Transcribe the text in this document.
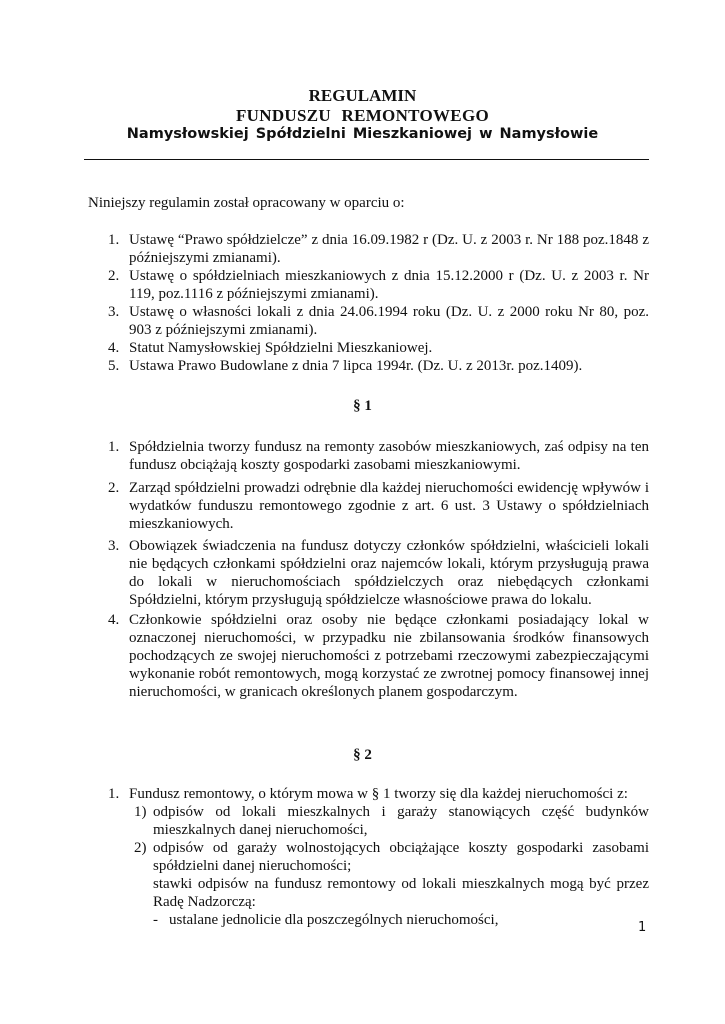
REGULAMIN
FUNDUSZU REMONTOWEGO
Namysłowskiej Spółdzielni Mieszkaniowej w Namysłowie
Niniejszy regulamin został opracowany w oparciu o:
1. Ustawę “Prawo spółdzielcze” z dnia 16.09.1982 r (Dz. U. z 2003 r. Nr 188 poz.1848 z późniejszymi zmianami).
2. Ustawę o spółdzielniach mieszkaniowych z dnia 15.12.2000 r (Dz. U. z 2003 r. Nr 119, poz.1116 z późniejszymi zmianami).
3. Ustawę o własności lokali z dnia 24.06.1994 roku (Dz. U. z 2000 roku Nr 80, poz. 903 z późniejszymi zmianami).
4. Statut Namysłowskiej Spółdzielni Mieszkaniowej.
5. Ustawa Prawo Budowlane z dnia 7 lipca 1994r. (Dz. U. z 2013r. poz.1409).
§ 1
1. Spółdzielnia tworzy fundusz na remonty zasobów mieszkaniowych, zaś odpisy na ten fundusz obciążają koszty gospodarki zasobami mieszkaniowymi.
2. Zarząd spółdzielni prowadzi odrębnie dla każdej nieruchomości ewidencję wpływów i wydatków funduszu remontowego zgodnie z art. 6 ust. 3 Ustawy o spółdzielniach mieszkaniowych.
3. Obowiązek świadczenia na fundusz dotyczy członków spółdzielni, właścicieli lokali nie będących członkami spółdzielni oraz najemców lokali, którym przysługują prawa do lokali w nieruchomościach spółdzielczych oraz niebędących członkami Spółdzielni, którym przysługują spółdzielcze własnościowe prawa do lokalu.
4. Członkowie spółdzielni oraz osoby nie będące członkami posiadający lokal w oznaczonej nieruchomości, w przypadku nie zbilansowania środków finansowych pochodzących ze swojej nieruchomości z potrzebami rzeczowymi zabezpieczającymi wykonanie robót remontowych, mogą korzystać ze zwrotnej pomocy finansowej innej nieruchomości, w granicach określonych planem gospodarczym.
§ 2
1. Fundusz remontowy, o którym mowa w § 1 tworzy się dla każdej nieruchomości z:
1) odpisów od lokali mieszkalnych i garaży stanowiących część budynków mieszkalnych danej nieruchomości,
2) odpisów od garaży wolnostojących obciążające koszty gospodarki zasobami spółdzielni danej nieruchomości;
stawki odpisów na fundusz remontowy od lokali mieszkalnych mogą być przez Radę Nadzorczą:
- ustalane jednolicie dla poszczególnych nieruchomości,	1
